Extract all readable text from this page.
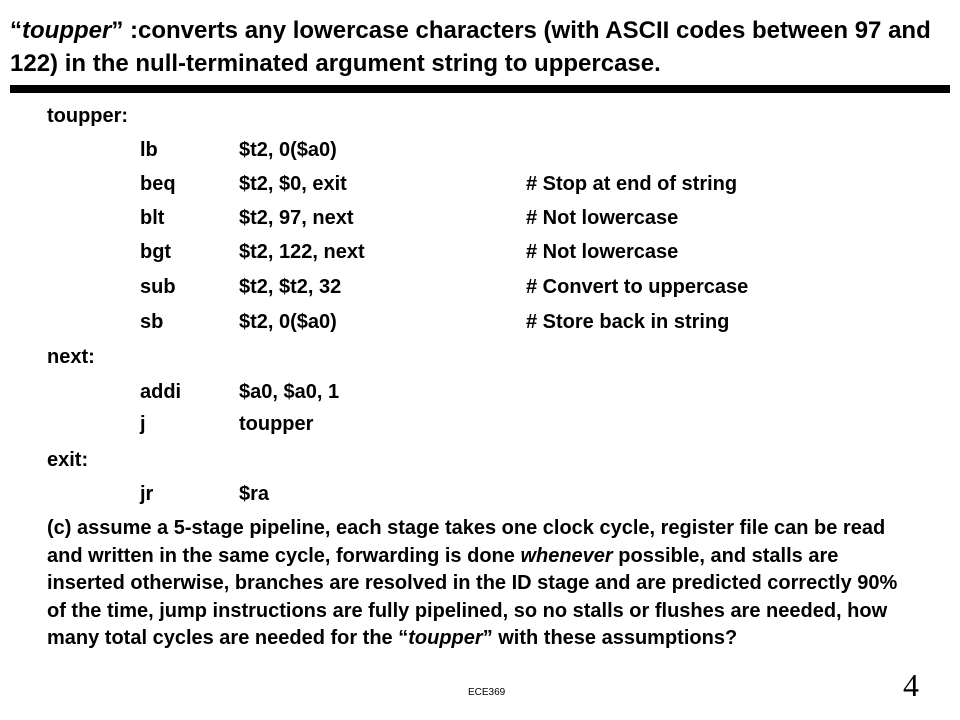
“toupper” :converts any lowercase characters (with ASCII codes between 97 and 122) in the null-terminated argument string to uppercase.
toupper:
lb	$t2, 0($a0)
beq	$t2, $0, exit	# Stop at end of string
blt	$t2, 97, next	# Not lowercase
bgt	$t2, 122, next	# Not lowercase
sub	$t2, $t2, 32	# Convert to uppercase
sb	$t2, 0($a0)	# Store back in string
next:
addi	$a0, $a0, 1
j	toupper
exit:
jr	$ra

(c) assume a 5-stage pipeline, each stage takes one clock cycle, register file can be read and written in the same cycle, forwarding is done whenever possible, and stalls are inserted otherwise, branches are resolved in the ID stage and are predicted correctly 90% of the time, jump instructions are fully pipelined, so no stalls or flushes are needed, how many total cycles are needed for the “toupper” with these assumptions?

ECE369	4
